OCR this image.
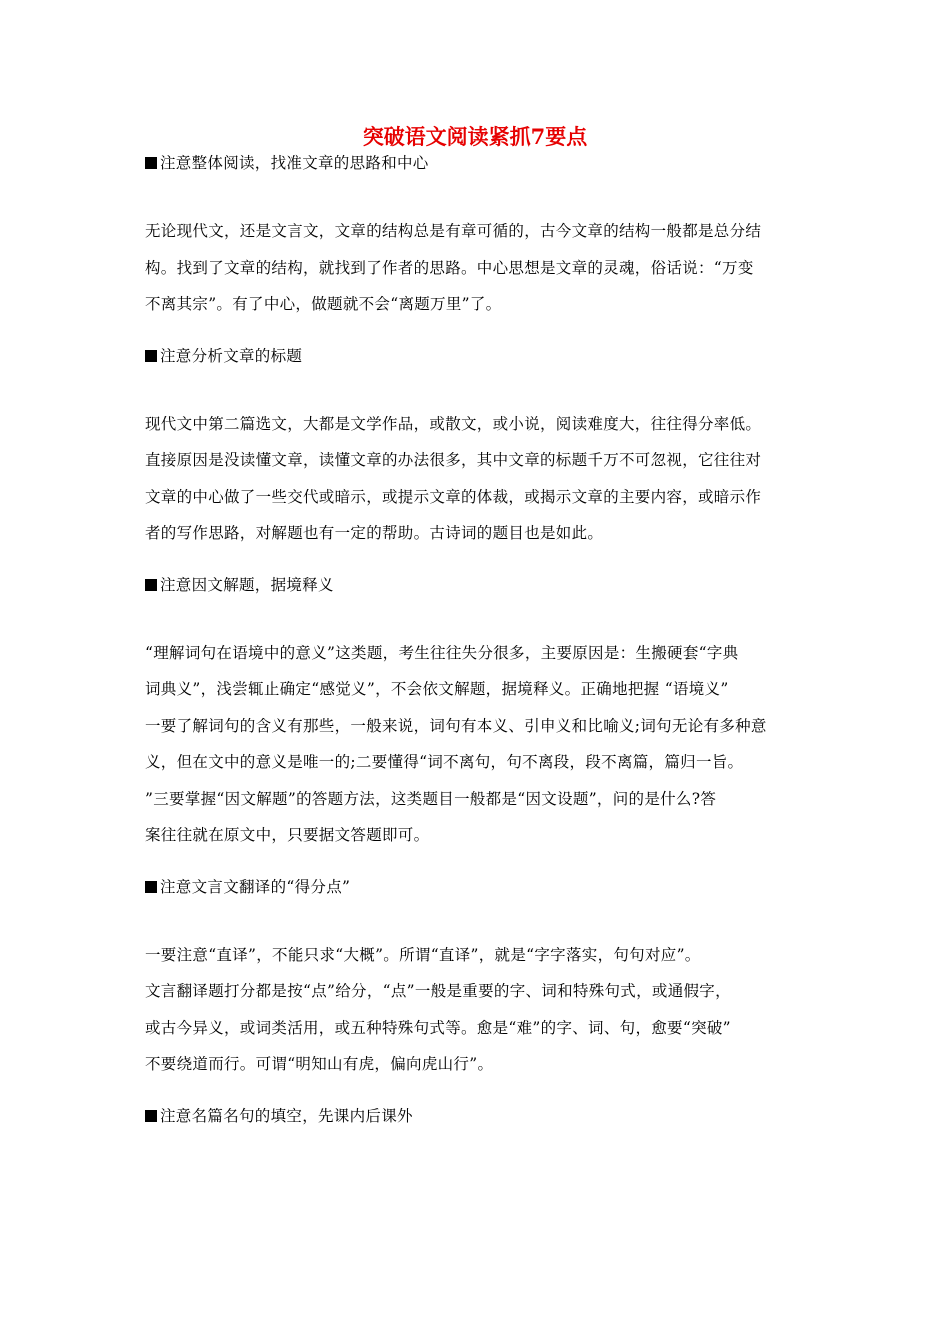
突破语文阅读紧抓7要点

注意整体阅读，找准文章的思路和中心

无论现代文，还是文言文，文章的结构总是有章可循的，古今文章的结构一般都是总分结

构。找到了文章的结构，就找到了作者的思路。中心思想是文章的灵魂，俗话说：“万变

不离其宗”。有了中心，做题就不会“离题万里”了。

注意分析文章的标题

现代文中第二篇选文，大都是文学作品，或散文，或小说，阅读难度大，往往得分率低。

直接原因是没读懂文章，读懂文章的办法很多，其中文章的标题千万不可忽视，它往往对

文章的中心做了一些交代或暗示，或提示文章的体裁，或揭示文章的主要内容，或暗示作

者的写作思路，对解题也有一定的帮助。古诗词的题目也是如此。

注意因文解题，据境释义

“理解词句在语境中的意义”这类题，考生往往失分很多，主要原因是：生搬硬套“字典

词典义”，浅尝辄止确定“感觉义”，不会依文解题，据境释义。正确地把握 “语境义”

一要了解词句的含义有那些，一般来说，词句有本义、引申义和比喻义;词句无论有多种意

义，但在文中的意义是唯一的;二要懂得“词不离句，句不离段，段不离篇，篇归一旨。

”三要掌握“因文解题”的答题方法，这类题目一般都是“因文设题”，问的是什么?答

案往往就在原文中，只要据文答题即可。

注意文言文翻译的“得分点”

一要注意“直译”，不能只求“大概”。所谓“直译”，就是“字字落实，句句对应”。

文言翻译题打分都是按“点”给分，“点”一般是重要的字、词和特殊句式，或通假字，

或古今异义，或词类活用，或五种特殊句式等。愈是“难”的字、词、句，愈要“突破”

不要绕道而行。可谓“明知山有虎，偏向虎山行”。

注意名篇名句的填空，先课内后课外
